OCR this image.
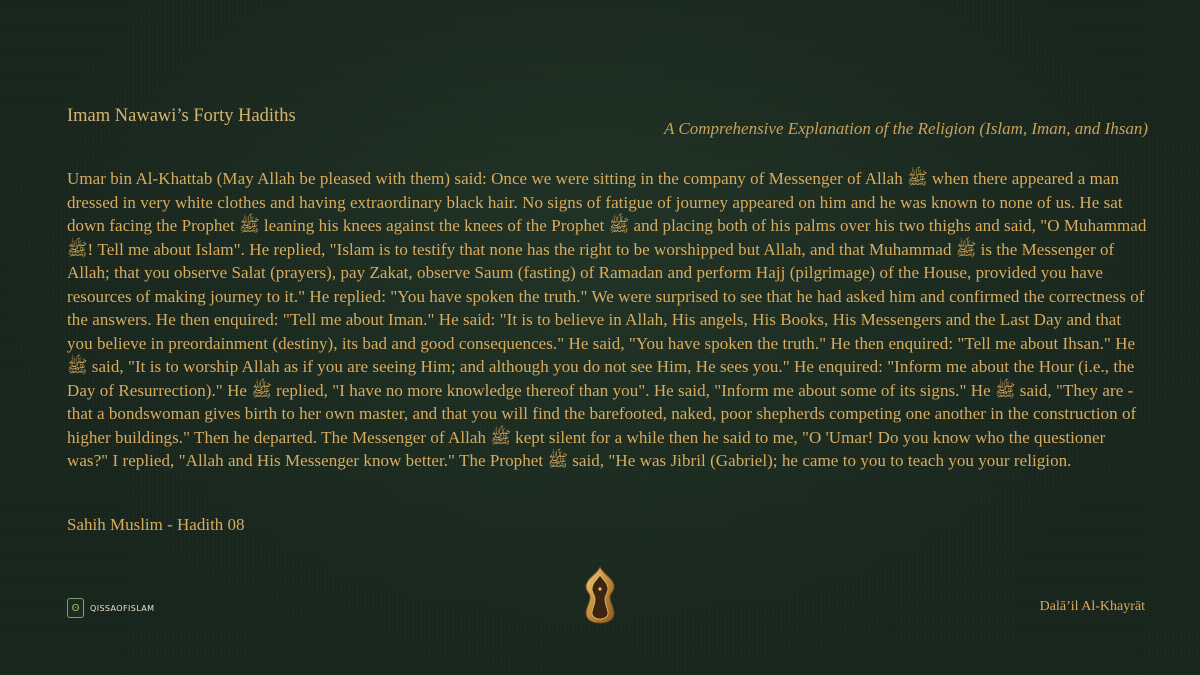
Imam Nawawi’s Forty Hadiths
A Comprehensive Explanation of the Religion (Islam, Iman, and Ihsan)
Umar bin Al-Khattab (May Allah be pleased with them) said: Once we were sitting in the company of Messenger of Allah ﷺ when there appeared a man dressed in very white clothes and having extraordinary black hair. No signs of fatigue of journey appeared on him and he was known to none of us. He sat down facing the Prophet ﷺ leaning his knees against the knees of the Prophet ﷺ and placing both of his palms over his two thighs and said, "O Muhammad ﷺ! Tell me about Islam". He replied, "Islam is to testify that none has the right to be worshipped but Allah, and that Muhammad ﷺ is the Messenger of Allah; that you observe Salat (prayers), pay Zakat, observe Saum (fasting) of Ramadan and perform Hajj (pilgrimage) of the House, provided you have resources of making journey to it." He replied: "You have spoken the truth." We were surprised to see that he had asked him and confirmed the correctness of the answers. He then enquired: "Tell me about Iman." He said: "It is to believe in Allah, His angels, His Books, His Messengers and the Last Day and that you believe in preordainment (destiny), its bad and good consequences." He said, "You have spoken the truth." He then enquired: "Tell me about Ihsan." He ﷺ said, "It is to worship Allah as if you are seeing Him; and although you do not see Him, He sees you." He enquired: "Inform me about the Hour (i.e., the Day of Resurrection)." He ﷺ replied, "I have no more knowledge thereof than you". He said, "Inform me about some of its signs." He ﷺ said, "They are - that a bondswoman gives birth to her own master, and that you will find the barefooted, naked, poor shepherds competing one another in the construction of higher buildings." Then he departed. The Messenger of Allah ﷺ kept silent for a while then he said to me, "O 'Umar! Do you know who the questioner was?" I replied, "Allah and His Messenger know better." The Prophet ﷺ said, "He was Jibril (Gabriel); he came to you to teach you your religion.
Sahih Muslim - Hadith 08
ʘ	QISSAOFISLAM	Dalā’il Al-Khayrāt
